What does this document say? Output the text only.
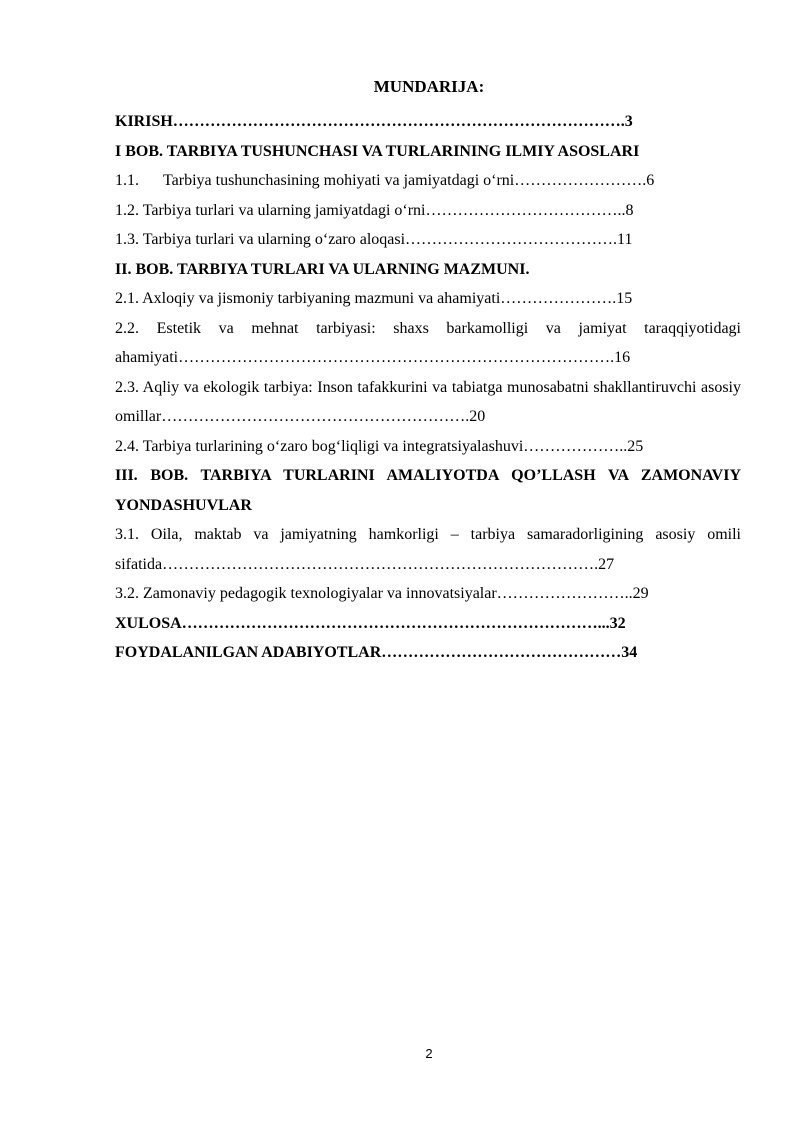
MUNDARIJA:
KIRISH………………………………………………………………………….3
I BOB. TARBIYA TUSHUNCHASI VA TURLARINING ILMIY ASOSLARI
1.1. Tarbiya tushunchasining mohiyati va jamiyatdagi o‘rni…………………….6
1.2. Tarbiya turlari va ularning jamiyatdagi o‘rni………………………………..8
1.3. Tarbiya turlari va ularning o‘zaro aloqasi………………………………….11
II. BOB. TARBIYA TURLARI VA ULARNING MAZMUNI.
2.1. Axloqiy va jismoniy tarbiyaning mazmuni va ahamiyati………………….15
2.2. Estetik va mehnat tarbiyasi: shaxs barkamolligi va jamiyat taraqqiyotidagi ahamiyati……………………………………………………………………….16
2.3. Aqliy va ekologik tarbiya: Inson tafakkurini va tabiatga munosabatni shakllantiruvchi asosiy omillar………………………………………………….20
2.4. Tarbiya turlarining o‘zaro bog‘liqligi va integratsiyalashuvi………………..25
III. BOB. TARBIYA TURLARINI AMALIYOTDA QO’LLASH VA ZAMONAVIY YONDASHUVLAR
3.1. Oila, maktab va jamiyatning hamkorligi – tarbiya samaradorligining asosiy omili sifatida……………………………………………………………………….27
3.2. Zamonaviy pedagogik texnologiyalar va innovatsiyalar……………………..29
XULOSA……………………………………………………………………...32
FOYDALANILGAN ADABIYOTLAR………………………………………34
2
